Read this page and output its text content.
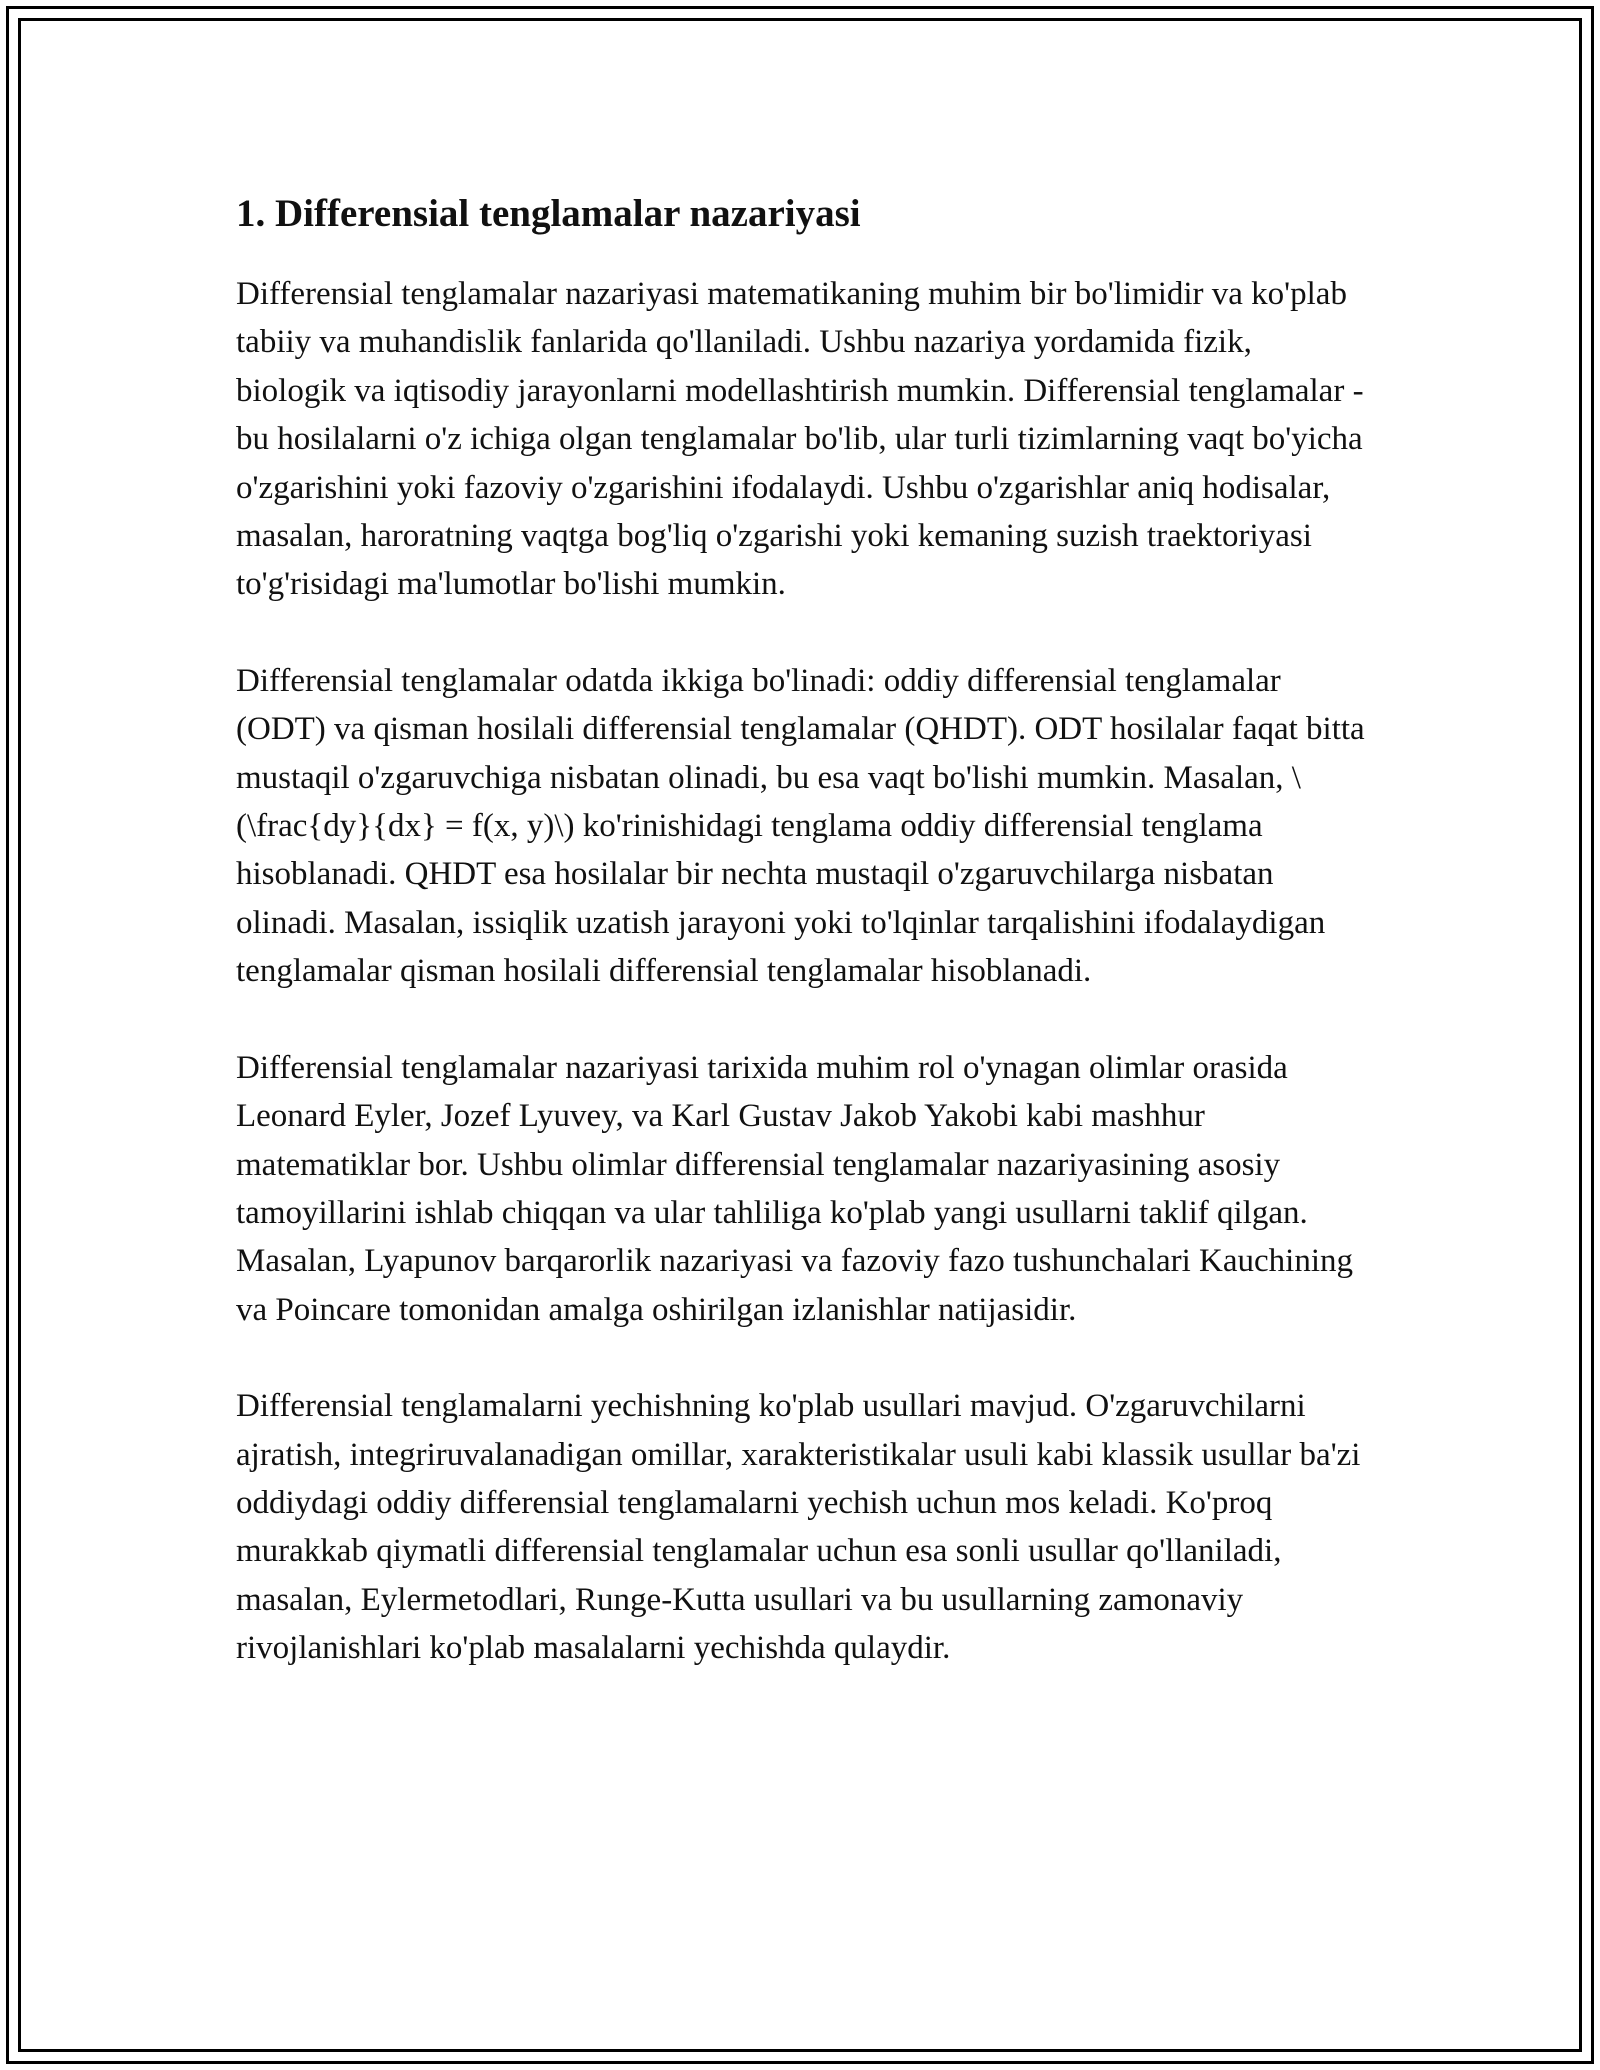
1. Differensial tenglamalar nazariyasi

Differensial tenglamalar nazariyasi matematikaning muhim bir bo'limidir va ko'plab tabiiy va muhandislik fanlarida qo'llaniladi. Ushbu nazariya yordamida fizik, biologik va iqtisodiy jarayonlarni modellashtirish mumkin. Differensial tenglamalar - bu hosilalarni o'z ichiga olgan tenglamalar bo'lib, ular turli tizimlarning vaqt bo'yicha o'zgarishini yoki fazoviy o'zgarishini ifodalaydi. Ushbu o'zgarishlar aniq hodisalar, masalan, haroratning vaqtga bog'liq o'zgarishi yoki kemaning suzish traektoriyasi to'g'risidagi ma'lumotlar bo'lishi mumkin.

Differensial tenglamalar odatda ikkiga bo'linadi: oddiy differensial tenglamalar (ODT) va qisman hosilali differensial tenglamalar (QHDT). ODT hosilalar faqat bitta mustaqil o'zgaruvchiga nisbatan olinadi, bu esa vaqt bo'lishi mumkin. Masalan, \(\frac{dy}{dx} = f(x, y)\) ko'rinishidagi tenglama oddiy differensial tenglama hisoblanadi. QHDT esa hosilalar bir nechta mustaqil o'zgaruvchilarga nisbatan olinadi. Masalan, issiqlik uzatish jarayoni yoki to'lqinlar tarqalishini ifodalaydigan tenglamalar qisman hosilali differensial tenglamalar hisoblanadi.

Differensial tenglamalar nazariyasi tarixida muhim rol o'ynagan olimlar orasida Leonard Eyler, Jozef Lyuvey, va Karl Gustav Jakob Yakobi kabi mashhur matematiklar bor. Ushbu olimlar differensial tenglamalar nazariyasining asosiy tamoyillarini ishlab chiqqan va ular tahliliga ko'plab yangi usullarni taklif qilgan. Masalan, Lyapunov barqarorlik nazariyasi va fazoviy fazo tushunchalari Kauchining va Poincare tomonidan amalga oshirilgan izlanishlar natijasidir.

Differensial tenglamalarni yechishning ko'plab usullari mavjud. O'zgaruvchilarni ajratish, integriruvalanadigan omillar, xarakteristikalar usuli kabi klassik usullar ba'zi oddiydagi oddiy differensial tenglamalarni yechish uchun mos keladi. Ko'proq murakkab qiymatli differensial tenglamalar uchun esa sonli usullar qo'llaniladi, masalan, Eylermetodlari, Runge-Kutta usullari va bu usullarning zamonaviy rivojlanishlari ko'plab masalalarni yechishda qulaydir.
